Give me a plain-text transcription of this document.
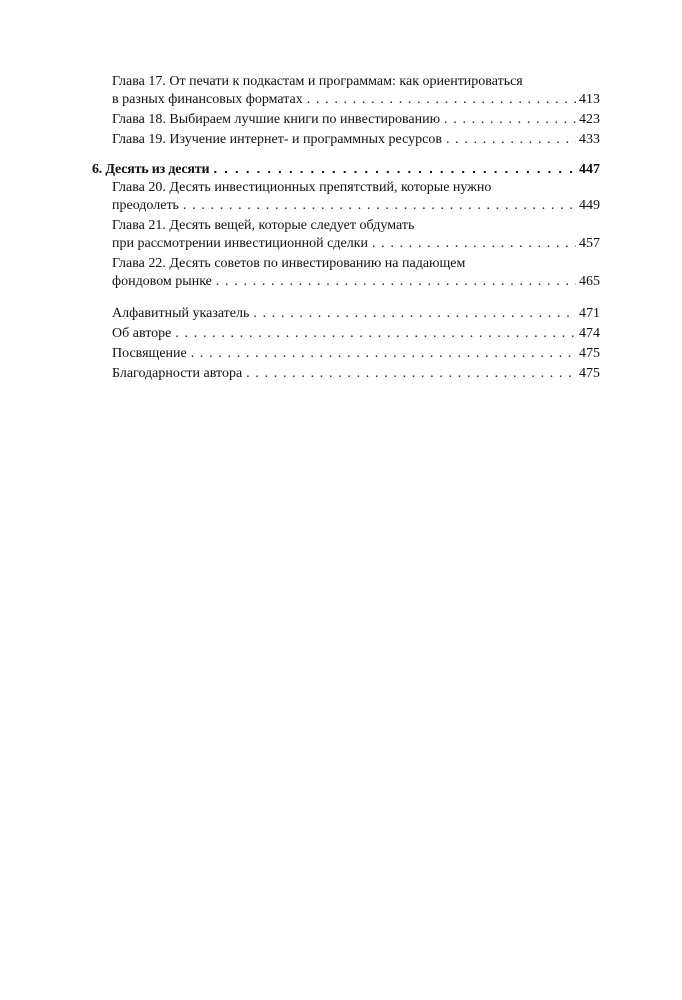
Глава 17. От печати к подкастам и программам: как ориентироваться
в разных финансовых форматах . . .	413
Глава 18. Выбираем лучшие книги по инвестированию . . .	423
Глава 19. Изучение интернет- и программных ресурсов . . .	433
6. Десять из десяти . . .	447
Глава 20. Десять инвестиционных препятствий, которые нужно
преодолеть . . .	449
Глава 21. Десять вещей, которые следует обдумать
при рассмотрении инвестиционной сделки . . .	457
Глава 22. Десять советов по инвестированию на падающем
фондовом рынке . . .	465
Алфавитный указатель . . .	471
Об авторе . . .	474
Посвящение . . .	475
Благодарности автора . . .	475
